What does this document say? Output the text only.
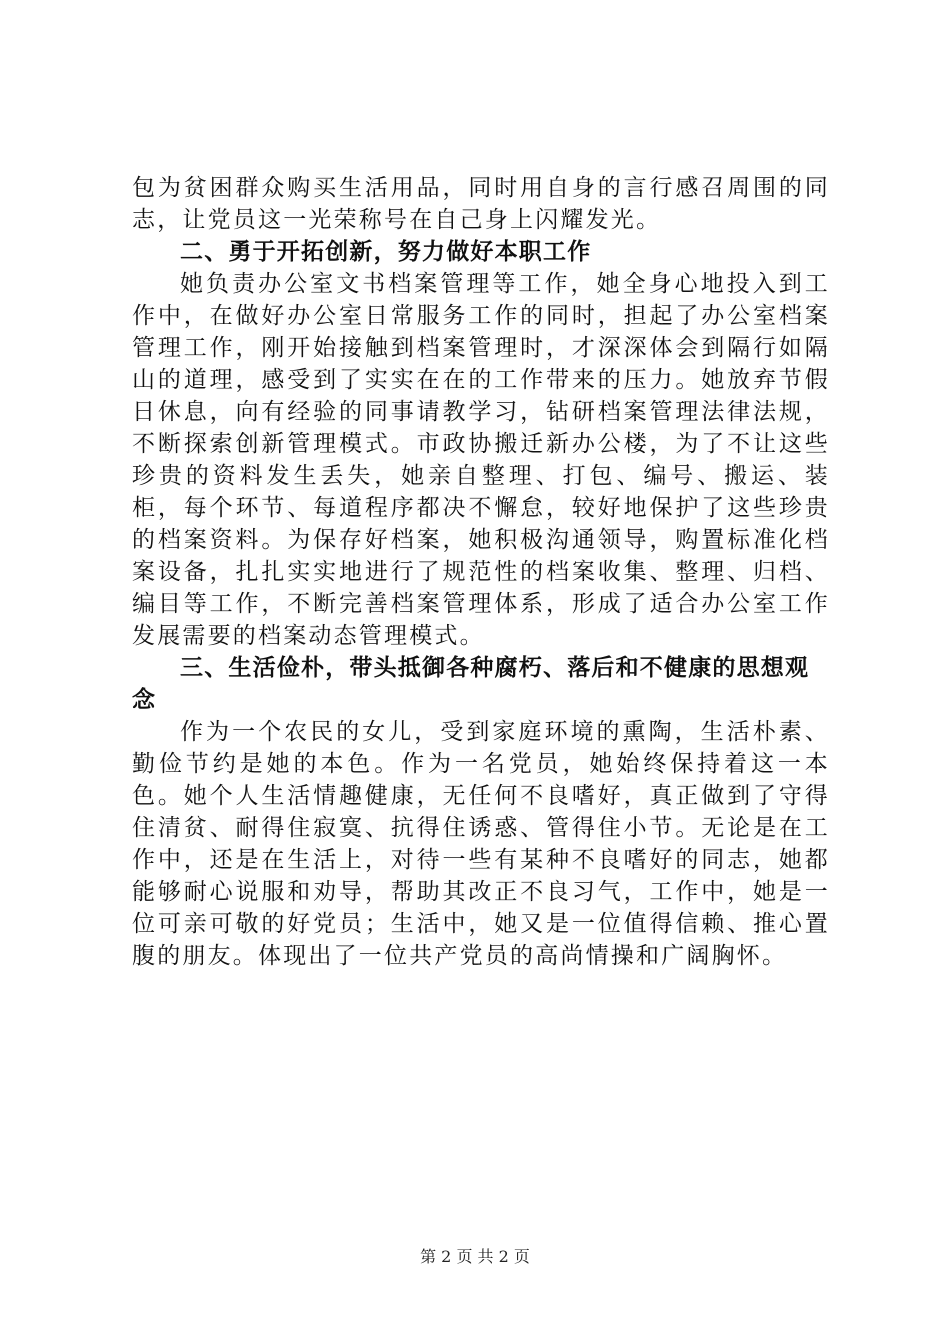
包为贫困群众购买生活用品，同时用自身的言行感召周围的同志，让党员这一光荣称号在自己身上闪耀发光。

二、勇于开拓创新，努力做好本职工作

她负责办公室文书档案管理等工作，她全身心地投入到工作中，在做好办公室日常服务工作的同时，担起了办公室档案管理工作，刚开始接触到档案管理时，才深深体会到隔行如隔山的道理，感受到了实实在在的工作带来的压力。她放弃节假日休息，向有经验的同事请教学习，钻研档案管理法律法规，不断探索创新管理模式。市政协搬迁新办公楼，为了不让这些珍贵的资料发生丢失，她亲自整理、打包、编号、搬运、装柜，每个环节、每道程序都决不懈怠，较好地保护了这些珍贵的档案资料。为保存好档案，她积极沟通领导，购置标准化档案设备，扎扎实实地进行了规范性的档案收集、整理、归档、编目等工作，不断完善档案管理体系，形成了适合办公室工作发展需要的档案动态管理模式。

三、生活俭朴，带头抵御各种腐朽、落后和不健康的思想观念

作为一个农民的女儿，受到家庭环境的熏陶，生活朴素、勤俭节约是她的本色。作为一名党员，她始终保持着这一本色。她个人生活情趣健康，无任何不良嗜好，真正做到了守得住清贫、耐得住寂寞、抗得住诱惑、管得住小节。无论是在工作中，还是在生活上，对待一些有某种不良嗜好的同志，她都能够耐心说服和劝导，帮助其改正不良习气，工作中，她是一位可亲可敬的好党员；生活中，她又是一位值得信赖、推心置腹的朋友。体现出了一位共产党员的高尚情操和广阔胸怀。

第 2 页 共 2 页
